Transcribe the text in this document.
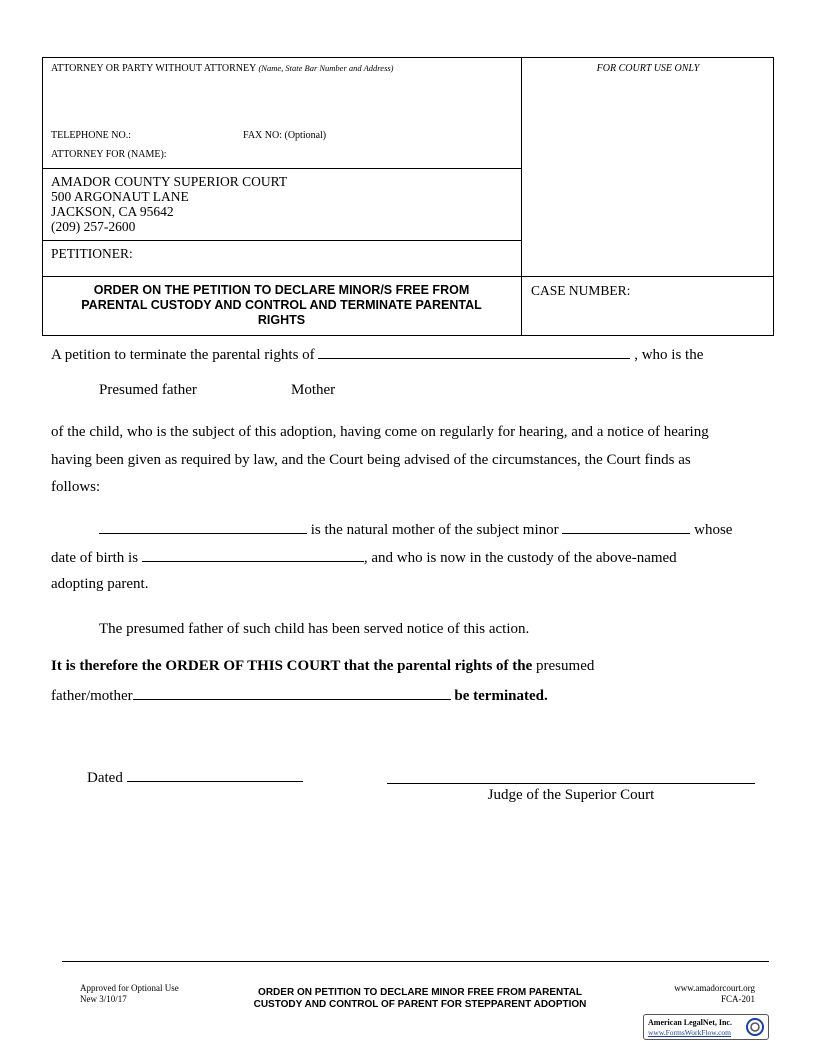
ATTORNEY OR PARTY WITHOUT ATTORNEY (Name, State Bar Number and Address)	FOR COURT USE ONLY
TELEPHONE NO.:	FAX NO: (Optional)
ATTORNEY FOR (NAME):
AMADOR COUNTY SUPERIOR COURT
500 ARGONAUT LANE
JACKSON, CA 95642
(209) 257-2600
PETITIONER:
ORDER ON THE PETITION TO DECLARE MINOR/S FREE FROM
PARENTAL CUSTODY AND CONTROL AND TERMINATE PARENTAL
RIGHTS
CASE NUMBER:
A petition to terminate the parental rights of	, who is the
Presumed father	Mother
of the child, who is the subject of this adoption, having come on regularly for hearing, and a notice of hearing
having been given as required by law, and the Court being advised of the circumstances, the Court finds as
follows:
is the natural mother of the subject minor	whose
date of birth is	, and who is now in the custody of the above-named
adopting parent.
The presumed father of such child has been served notice of this action.
It is therefore the ORDER OF THIS COURT that the parental rights of the presumed
father/mother	be terminated.
Dated
Judge of the Superior Court
Approved for Optional Use
New 3/10/17
ORDER ON PETITION TO DECLARE MINOR FREE FROM PARENTAL
CUSTODY AND CONTROL OF PARENT FOR STEPPARENT ADOPTION
www.amadorcourt.org
FCA-201
American LegalNet, Inc.
www.FormsWorkFlow.com
